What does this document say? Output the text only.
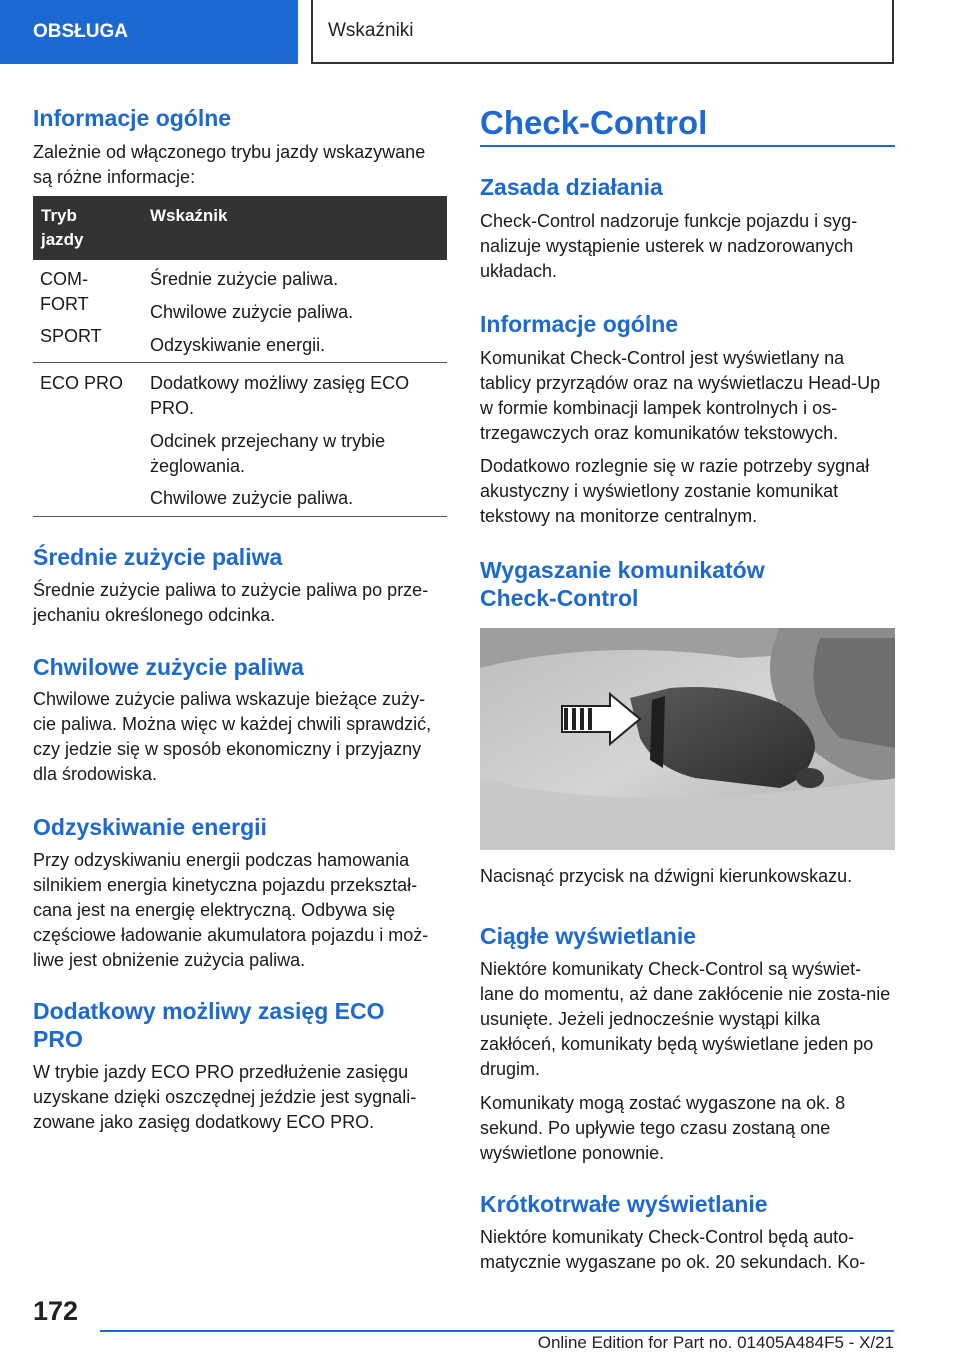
OBSŁUGA	Wskaźniki
Informacje ogólne
Zależnie od włączonego trybu jazdy wskazywane są różne informacje:
Tryb jazdy
Wskaźnik
COM-FORT
SPORT
Średnie zużycie paliwa.
Chwilowe zużycie paliwa.
Odzyskiwanie energii.
ECO PRO Dodatkowy możliwy zasięg ECO PRO.
Odcinek przejechany w trybie żeglowania.
Chwilowe zużycie paliwa.
Średnie zużycie paliwa
Średnie zużycie paliwa to zużycie paliwa po prze-jechaniu określonego odcinka.
Chwilowe zużycie paliwa
Chwilowe zużycie paliwa wskazuje bieżące zuży-cie paliwa. Można więc w każdej chwili sprawdzić, czy jedzie się w sposób ekonomiczny i przyjazny dla środowiska.
Odzyskiwanie energii
Przy odzyskiwaniu energii podczas hamowania silnikiem energia kinetyczna pojazdu przekształ-cana jest na energię elektryczną. Odbywa się częściowe ładowanie akumulatora pojazdu i moż-liwe jest obniżenie zużycia paliwa.
Dodatkowy możliwy zasięg ECO PRO
W trybie jazdy ECO PRO przedłużenie zasięgu uzyskane dzięki oszczędnej jeździe jest sygnali-zowane jako zasięg dodatkowy ECO PRO.
Check-Control
Zasada działania
Check-Control nadzoruje funkcje pojazdu i syg-nalizuje wystąpienie usterek w nadzorowanych układach.
Informacje ogólne
Komunikat Check-Control jest wyświetlany na tablicy przyrządów oraz na wyświetlaczu Head-Up w formie kombinacji lampek kontrolnych i os-trzegawczych oraz komunikatów tekstowych.
Dodatkowo rozlegnie się w razie potrzeby sygnał akustyczny i wyświetlony zostanie komunikat tekstowy na monitorze centralnym.
Wygaszanie komunikatów Check-Control
Nacisnąć przycisk na dźwigni kierunkowskazu.
Ciągłe wyświetlanie
Niektóre komunikaty Check-Control są wyświet-lane do momentu, aż dane zakłócenie nie zosta-nie usunięte. Jeżeli jednocześnie wystąpi kilka zakłóceń, komunikaty będą wyświetlane jeden po drugim.
Komunikaty mogą zostać wygaszone na ok. 8 sekund. Po upływie tego czasu zostaną one wyświetlone ponownie.
Krótkotrwałe wyświetlanie
Niektóre komunikaty Check-Control będą auto-matycznie wygaszane po ok. 20 sekundach. Ko-
172
Online Edition for Part no. 01405A484F5 - X/21
